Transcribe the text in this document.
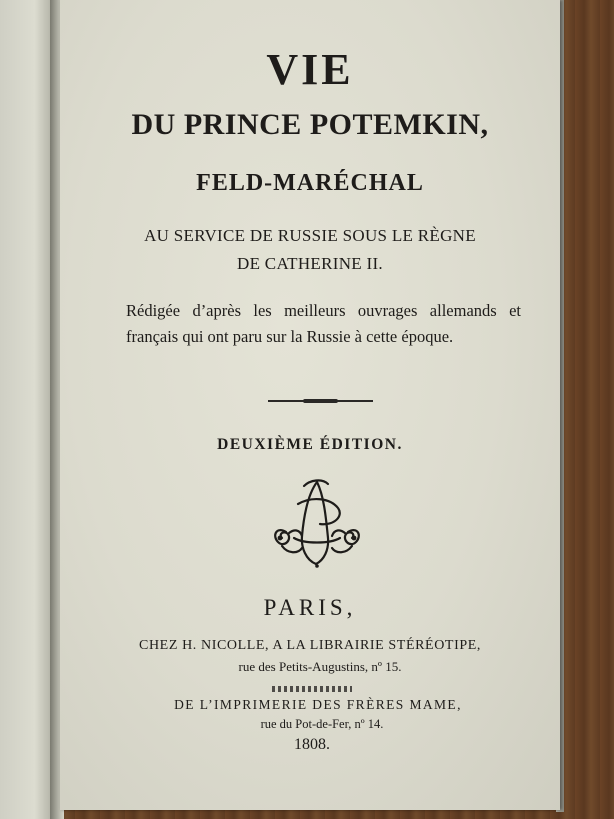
VIE
DU PRINCE POTEMKIN,
FELD-MARÉCHAL

AU SERVICE DE RUSSIE SOUS LE RÈGNE

DE CATHERINE II.

Rédigée d’après les meilleurs ouvrages allemands et français qui ont paru sur la Russie à cette époque.

DEUXIÈME ÉDITION.

PARIS,

CHEZ H. NICOLLE, A LA LIBRAIRIE STÉRÉOTIPE,

rue des Petits-Augustins, nº 15.

DE L’IMPRIMERIE DES FRÈRES MAME,

rue du Pot-de-Fer, nº 14.

1808.
